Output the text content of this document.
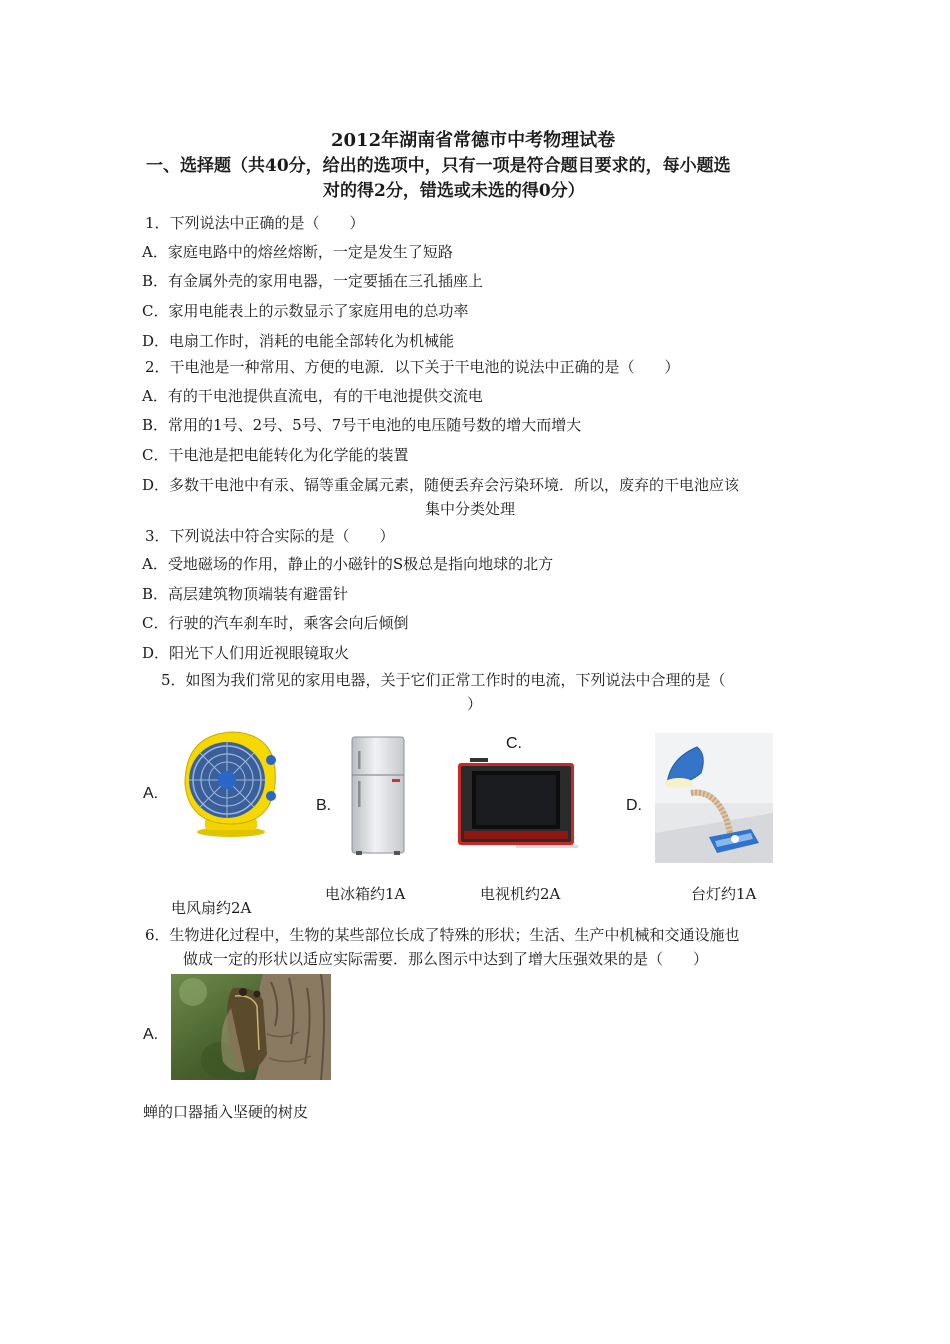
2012年湖南省常德市中考物理试卷
一、选择题（共40分，给出的选项中，只有一项是符合题目要求的，每小题选
对的得2分，错选或未选的得0分）
1．下列说法中正确的是（　　）
A．家庭电路中的熔丝熔断，一定是发生了短路
B．有金属外壳的家用电器，一定要插在三孔插座上
C．家用电能表上的示数显示了家庭用电的总功率
D．电扇工作时，消耗的电能全部转化为机械能
2．干电池是一种常用、方便的电源．以下关于干电池的说法中正确的是（　　）
A．有的干电池提供直流电，有的干电池提供交流电
B．常用的1号、2号、5号、7号干电池的电压随号数的增大而增大
C．干电池是把电能转化为化学能的装置
D．多数干电池中有汞、镉等重金属元素，随便丢弃会污染环境．所以，废弃的干电池应该
集中分类处理
3．下列说法中符合实际的是（　　）
A．受地磁场的作用，静止的小磁针的S极总是指向地球的北方
B．高层建筑物顶端装有避雷针
C．行驶的汽车刹车时，乘客会向后倾倒
D．阳光下人们用近视眼镜取火
5．如图为我们常见的家用电器，关于它们正常工作时的电流，下列说法中合理的是（
）
A.
B.
C.
D.
电风扇约2A
电冰箱约1A	电视机约2A	台灯约1A
6．生物进化过程中，生物的某些部位长成了特殊的形状；生活、生产中机械和交通设施也
做成一定的形状以适应实际需要．那么图示中达到了增大压强效果的是（　　）
A.
蝉的口器插入坚硬的树皮
